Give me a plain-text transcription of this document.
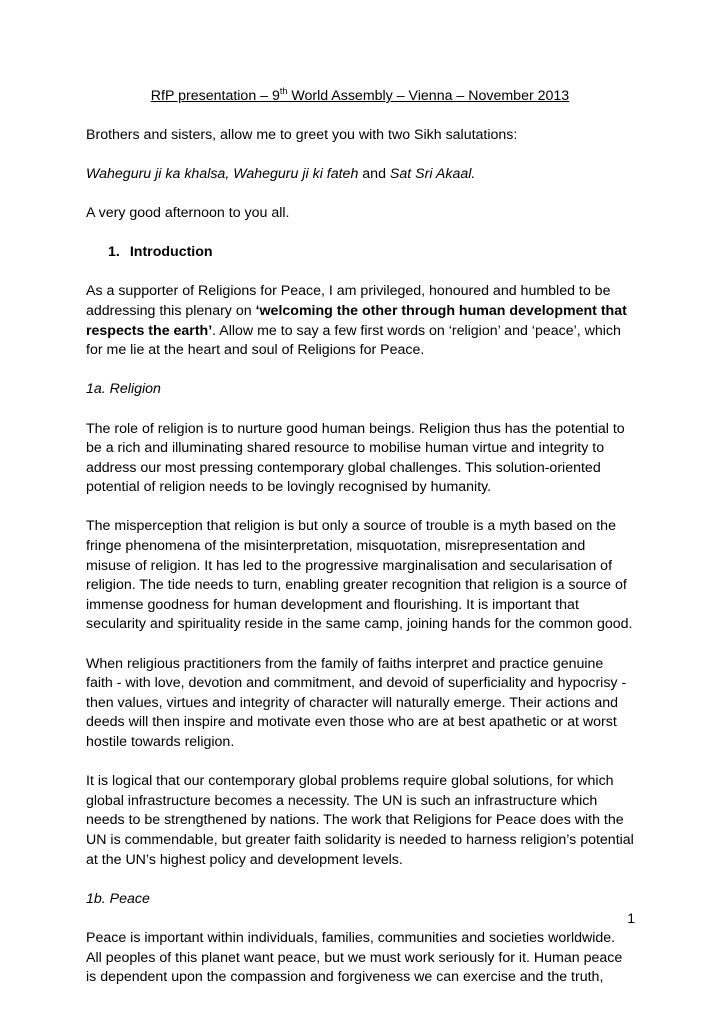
RfP presentation – 9th World Assembly – Vienna – November 2013

Brothers and sisters, allow me to greet you with two Sikh salutations:

Waheguru ji ka khalsa, Waheguru ji ki fateh and Sat Sri Akaal.

A very good afternoon to you all.

1. Introduction

As a supporter of Religions for Peace, I am privileged, honoured and humbled to be addressing this plenary on ‘welcoming the other through human development that respects the earth’. Allow me to say a few first words on ‘religion’ and ‘peace’, which for me lie at the heart and soul of Religions for Peace.

1a. Religion

The role of religion is to nurture good human beings. Religion thus has the potential to be a rich and illuminating shared resource to mobilise human virtue and integrity to address our most pressing contemporary global challenges. This solution-oriented potential of religion needs to be lovingly recognised by humanity.

The misperception that religion is but only a source of trouble is a myth based on the fringe phenomena of the misinterpretation, misquotation, misrepresentation and misuse of religion. It has led to the progressive marginalisation and secularisation of religion. The tide needs to turn, enabling greater recognition that religion is a source of immense goodness for human development and flourishing. It is important that secularity and spirituality reside in the same camp, joining hands for the common good.

When religious practitioners from the family of faiths interpret and practice genuine faith - with love, devotion and commitment, and devoid of superficiality and hypocrisy - then values, virtues and integrity of character will naturally emerge. Their actions and deeds will then inspire and motivate even those who are at best apathetic or at worst hostile towards religion.

It is logical that our contemporary global problems require global solutions, for which global infrastructure becomes a necessity. The UN is such an infrastructure which needs to be strengthened by nations. The work that Religions for Peace does with the UN is commendable, but greater faith solidarity is needed to harness religion’s potential at the UN’s highest policy and development levels.

1b. Peace

Peace is important within individuals, families, communities and societies worldwide. All peoples of this planet want peace, but we must work seriously for it. Human peace is dependent upon the compassion and forgiveness we can exercise and the truth,

1
